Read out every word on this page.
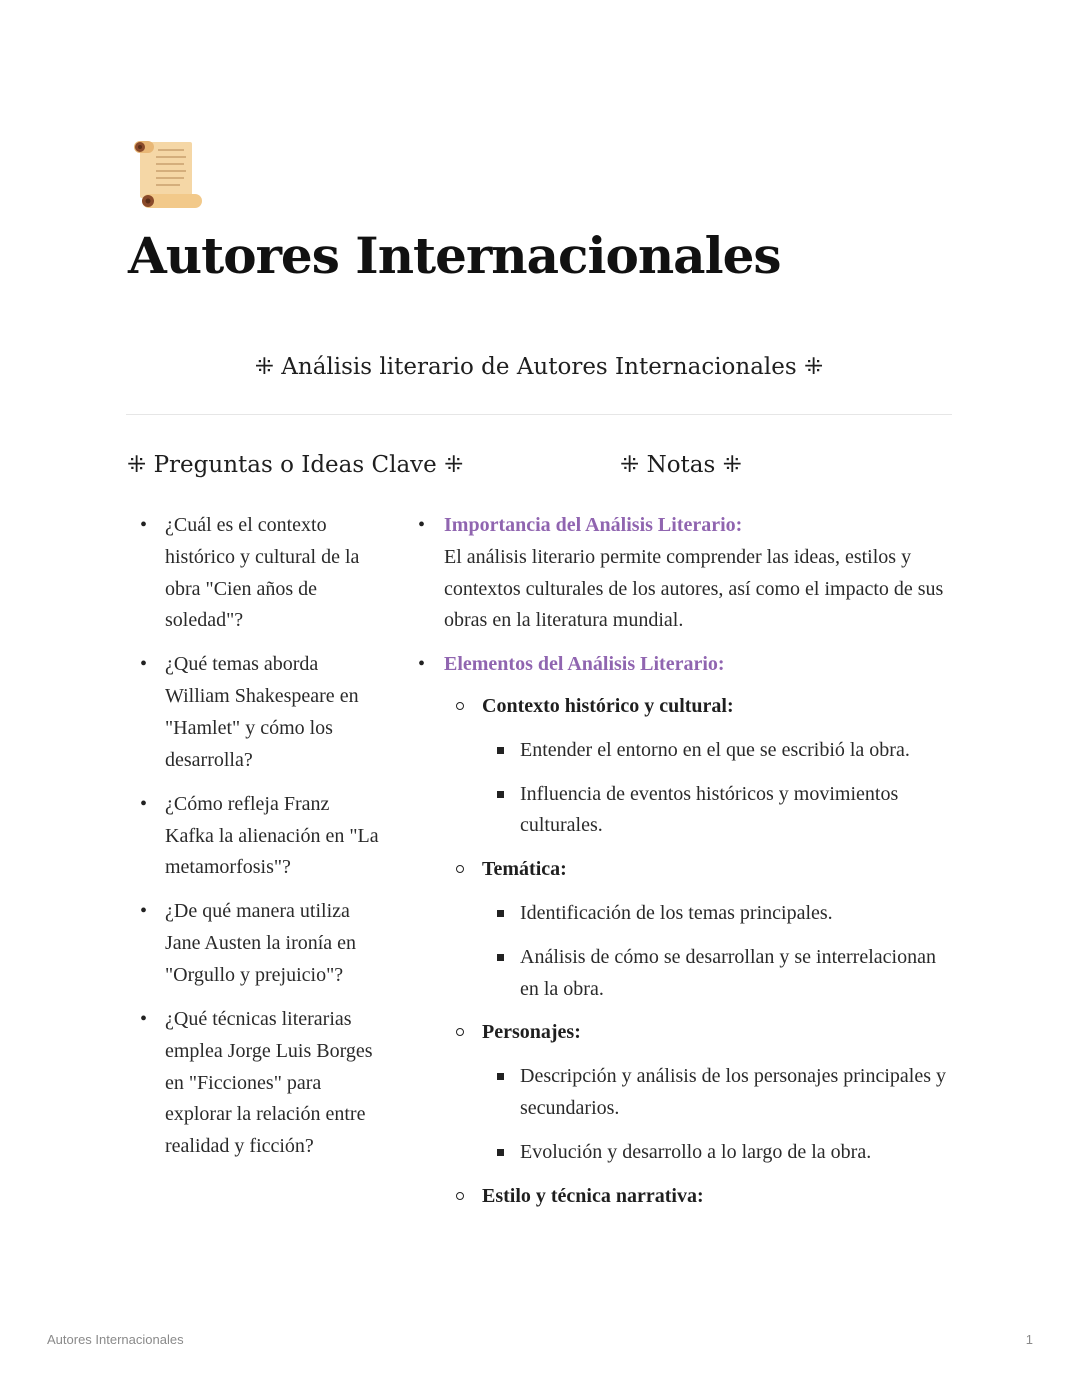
Autores Internacionales
⁜ Análisis literario de Autores Internacionales ⁜
⁜ Preguntas o Ideas Clave ⁜	⁜ Notas ⁜
• ¿Cuál es el contexto histórico y cultural de la obra "Cien años de soledad"?
• ¿Qué temas aborda William Shakespeare en "Hamlet" y cómo los desarrolla?
• ¿Cómo refleja Franz Kafka la alienación en "La metamorfosis"?
• ¿De qué manera utiliza Jane Austen la ironía en "Orgullo y prejuicio"?
• ¿Qué técnicas literarias emplea Jorge Luis Borges en "Ficciones" para explorar la relación entre realidad y ficción?
• Importancia del Análisis Literario:
El análisis literario permite comprender las ideas, estilos y contextos culturales de los autores, así como el impacto de sus obras en la literatura mundial.
• Elementos del Análisis Literario:
Contexto histórico y cultural:
Entender el entorno en el que se escribió la obra.
Influencia de eventos históricos y movimientos culturales.
Temática:
Identificación de los temas principales.
Análisis de cómo se desarrollan y se interrelacionan en la obra.
Personajes:
Descripción y análisis de los personajes principales y secundarios.
Evolución y desarrollo a lo largo de la obra.
Estilo y técnica narrativa:
Autores Internacionales	1
